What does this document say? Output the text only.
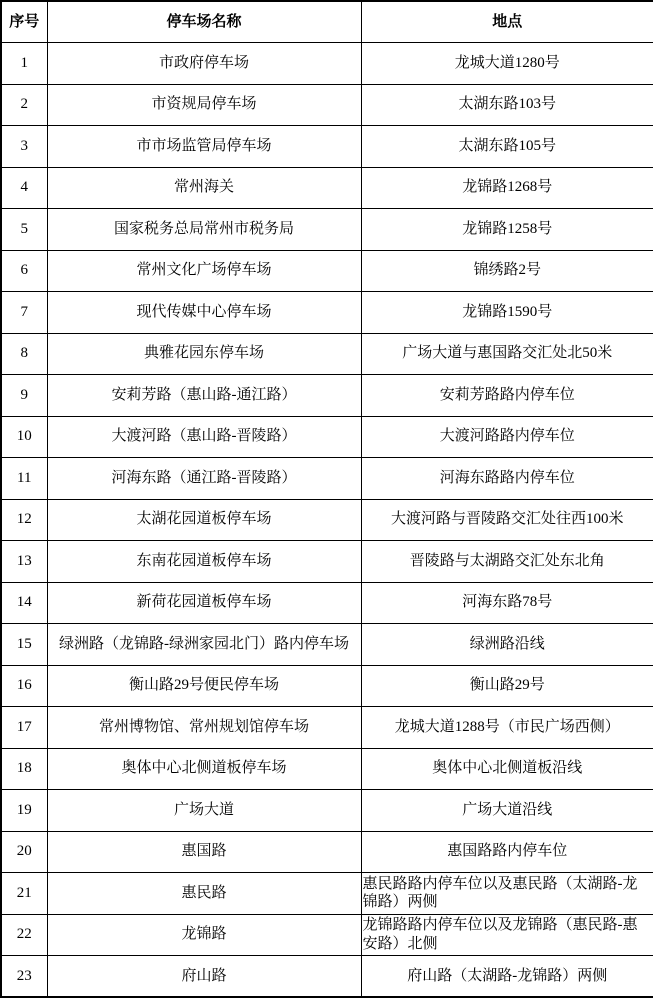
序号	停车场名称	地点
1	市政府停车场	龙城大道1280号
2	市资规局停车场	太湖东路103号
3	市市场监管局停车场	太湖东路105号
4	常州海关	龙锦路1268号
5	国家税务总局常州市税务局	龙锦路1258号
6	常州文化广场停车场	锦绣路2号
7	现代传媒中心停车场	龙锦路1590号
8	典雅花园东停车场	广场大道与惠国路交汇处北50米
9	安莉芳路（惠山路-通江路）	安莉芳路路内停车位
10	大渡河路（惠山路-晋陵路）	大渡河路路内停车位
11	河海东路（通江路-晋陵路）	河海东路路内停车位
12	太湖花园道板停车场	大渡河路与晋陵路交汇处往西100米
13	东南花园道板停车场	晋陵路与太湖路交汇处东北角
14	新荷花园道板停车场	河海东路78号
15	绿洲路（龙锦路-绿洲家园北门）路内停车场	绿洲路沿线
16	衡山路29号便民停车场	衡山路29号
17	常州博物馆、常州规划馆停车场	龙城大道1288号（市民广场西侧）
18	奥体中心北侧道板停车场	奥体中心北侧道板沿线
19	广场大道	广场大道沿线
20	惠国路	惠国路路内停车位
21	惠民路	惠民路路内停车位以及惠民路（太湖路-龙锦路）两侧
22	龙锦路	龙锦路路内停车位以及龙锦路（惠民路-惠安路）北侧
23	府山路	府山路（太湖路-龙锦路）两侧
